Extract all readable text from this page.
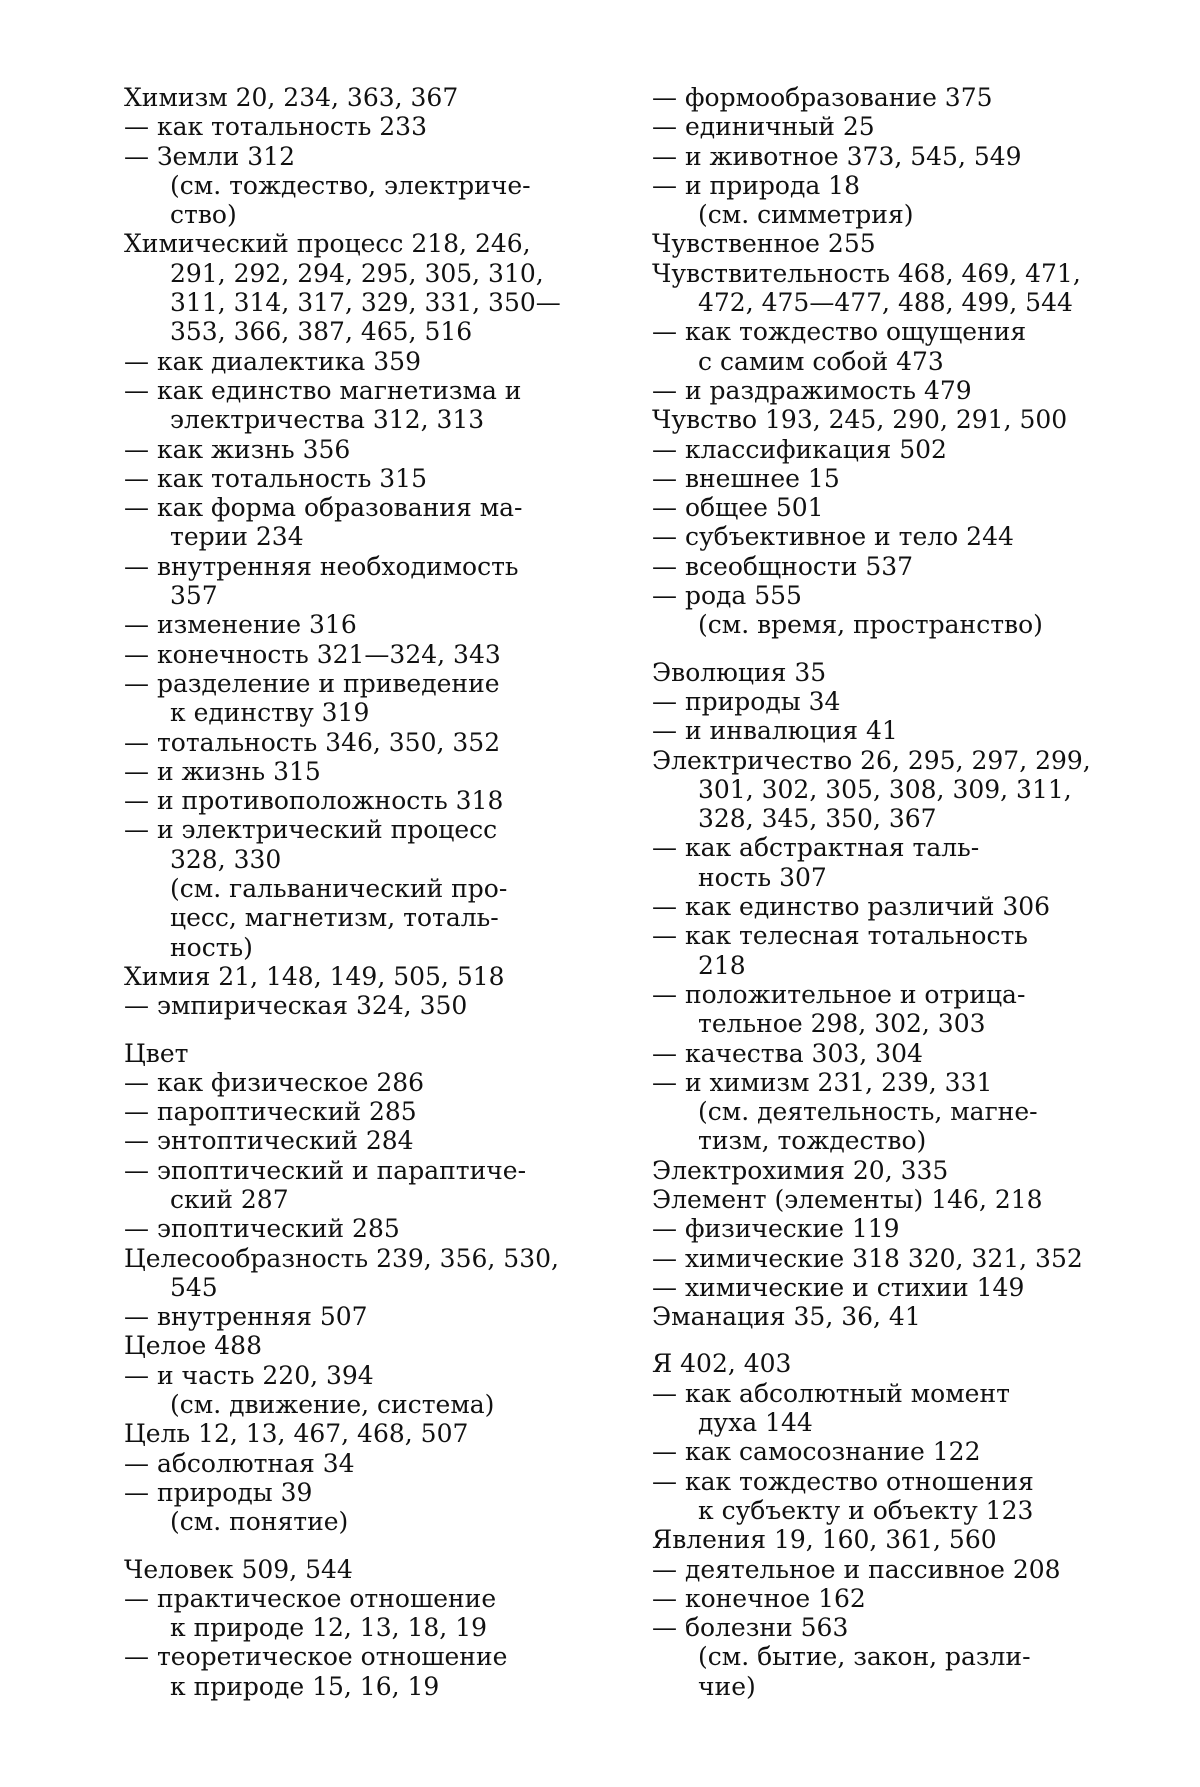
Химизм 20, 234, 363, 367
— как тотальность 233
— Земли 312
(см. тождество, электриче-
ство)
Химический процесс 218, 246,
291, 292, 294, 295, 305, 310,
311, 314, 317, 329, 331, 350—
353, 366, 387, 465, 516
— как диалектика 359
— как единство магнетизма и
электричества 312, 313
— как жизнь 356
— как тотальность 315
— как форма образования ма-
терии 234
— внутренняя необходимость
357
— изменение 316
— конечность 321—324, 343
— разделение и приведение
к единству 319
— тотальность 346, 350, 352
— и жизнь 315
— и противоположность 318
— и электрический процесс
328, 330
(см. гальванический про-
цесс, магнетизм, тоталь-
ность)
Химия 21, 148, 149, 505, 518
— эмпирическая 324, 350
Цвет
— как физическое 286
— пароптический 285
— энтоптический 284
— эпоптический и парaптиче-
ский 287
— эпоптический 285
Целесообразность 239, 356, 530,
545
— внутренняя 507
Целое 488
— и часть 220, 394
(см. движение, система)
Цель 12, 13, 467, 468, 507
— абсолютная 34
— природы 39
(см. понятие)
Человек 509, 544
— практическое отношение
к природе 12, 13, 18, 19
— теоретическое отношение
к природе 15, 16, 19
— формообразование 375
— единичный 25
— и животное 373, 545, 549
— и природа 18
(см. симметрия)
Чувственное 255
Чувствительность 468, 469, 471,
472, 475—477, 488, 499, 544
— как тождество ощущения
с самим собой 473
— и раздражимость 479
Чувство 193, 245, 290, 291, 500
— классификация 502
— внешнее 15
— общее 501
— субъективное и тело 244
— всеобщности 537
— рода 555
(см. время, пространство)
Эволюция 35
— природы 34
— и инвалюция 41
Электричество 26, 295, 297, 299,
301, 302, 305, 308, 309, 311,
328, 345, 350, 367
— как абстрактная таль-
ность 307
— как единство различий 306
— как телесная тотальность
218
— положительное и отрица-
тельное 298, 302, 303
— качества 303, 304
— и химизм 231, 239, 331
(см. деятельность, магне-
тизм, тождество)
Электрохимия 20, 335
Элемент (элементы) 146, 218
— физические 119
— химические 318 320, 321, 352
— химические и стихии 149
Эманация 35, 36, 41
Я 402, 403
— как абсолютный момент
духа 144
— как самосознание 122
— как тождество отношения
к субъекту и объекту 123
Явления 19, 160, 361, 560
— деятельное и пассивное 208
— конечное 162
— болезни 563
(см. бытие, закон, разли-
чие)
